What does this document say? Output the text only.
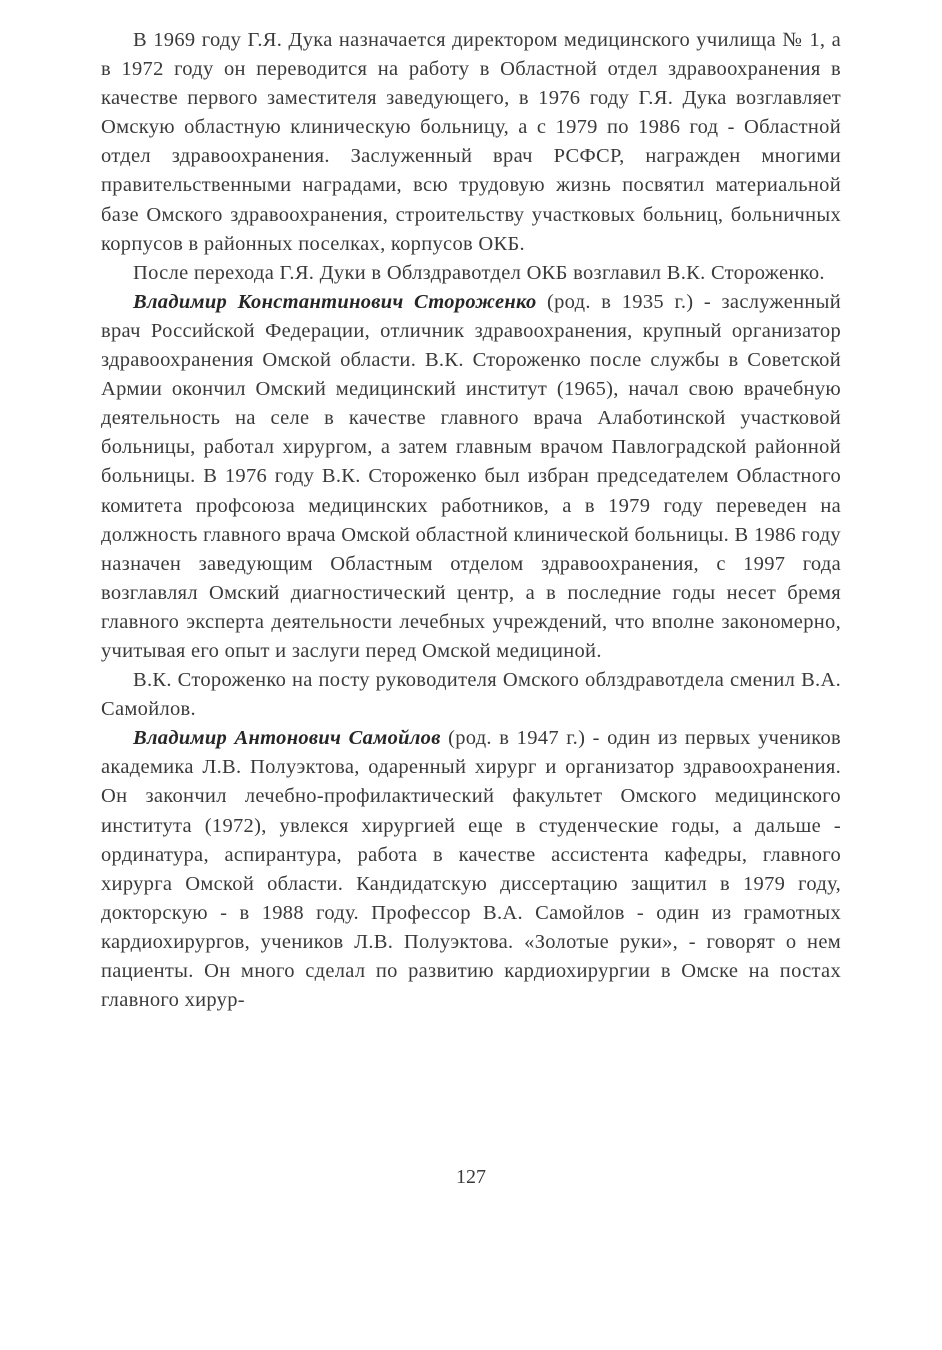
В 1969 году Г.Я. Дука назначается директором медицинского училища № 1, а в 1972 году он переводится на работу в Областной отдел здравоохранения в качестве первого заместителя заведующего, в 1976 году Г.Я. Дука возглавляет Омскую областную клиническую больницу, а с 1979 по 1986 год - Областной отдел здравоохранения. Заслуженный врач РСФСР, награжден многими правительственными наградами, всю трудовую жизнь посвятил материальной базе Омского здравоохранения, строительству участковых больниц, больничных корпусов в районных поселках, корпусов ОКБ.

После перехода Г.Я. Дуки в Облздравотдел ОКБ возглавил В.К. Стороженко.

Владимир Константинович Стороженко (род. в 1935 г.) - заслуженный врач Российской Федерации, отличник здравоохранения, крупный организатор здравоохранения Омской области. В.К. Стороженко после службы в Советской Армии окончил Омский медицинский институт (1965), начал свою врачебную деятельность на селе в качестве главного врача Алаботинской участковой больницы, работал хирургом, а затем главным врачом Павлоградской районной больницы. В 1976 году В.К. Стороженко был избран председателем Областного комитета профсоюза медицинских работников, а в 1979 году переведен на должность главного врача Омской областной клинической больницы. В 1986 году назначен заведующим Областным отделом здравоохранения, с 1997 года возглавлял Омский диагностический центр, а в последние годы несет бремя главного эксперта деятельности лечебных учреждений, что вполне закономерно, учитывая его опыт и заслуги перед Омской медициной.

В.К. Стороженко на посту руководителя Омского облздравотдела сменил В.А. Самойлов.

Владимир Антонович Самойлов (род. в 1947 г.) - один из первых учеников академика Л.В. Полуэктова, одаренный хирург и организатор здравоохранения. Он закончил лечебно-профилактический факультет Омского медицинского института (1972), увлекся хирургией еще в студенческие годы, а дальше - ординатура, аспирантура, работа в качестве ассистента кафедры, главного хирурга Омской области. Кандидатскую диссертацию защитил в 1979 году, докторскую - в 1988 году. Профессор В.А. Самойлов - один из грамотных кардиохирургов, учеников Л.В. Полуэктова. «Золотые руки», - говорят о нем пациенты. Он много сделал по развитию кардиохирургии в Омске на постах главного хирур-

127
